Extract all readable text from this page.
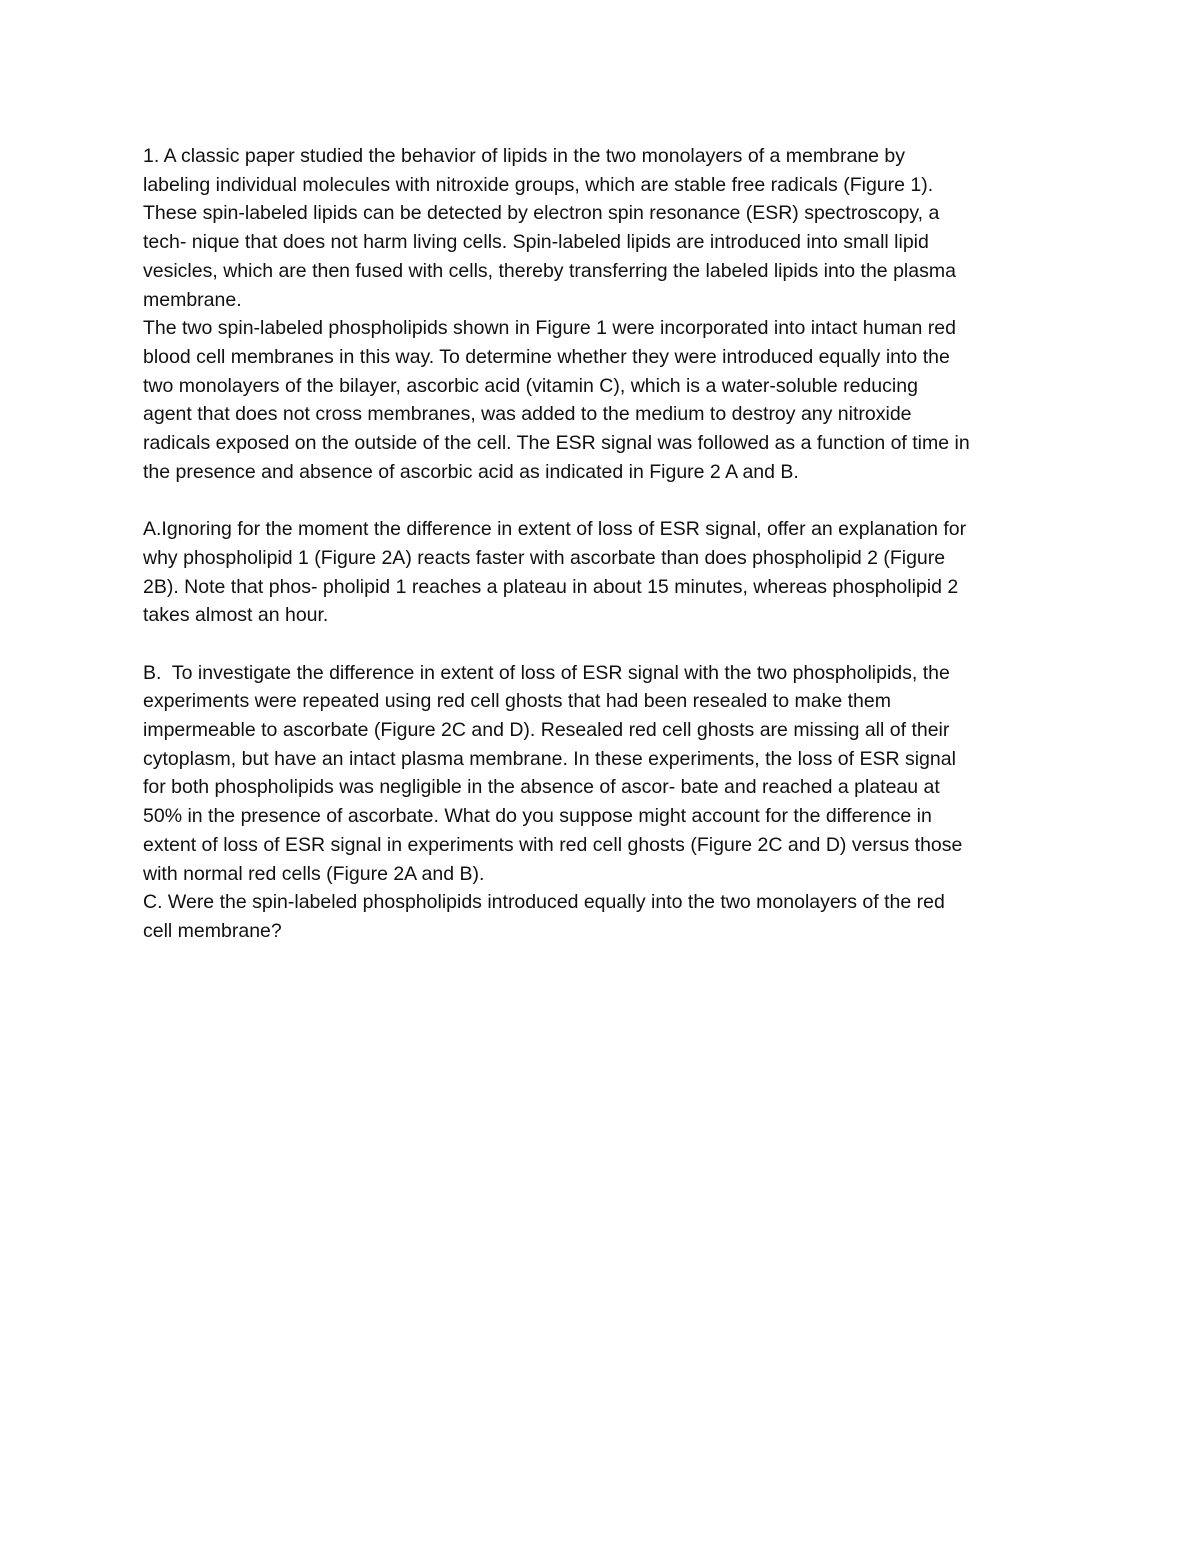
1. A classic paper studied the behavior of lipids in the two monolayers of a membrane by
labeling individual molecules with nitroxide groups, which are stable free radicals (Figure 1).
These spin-labeled lipids can be detected by electron spin resonance (ESR) spectroscopy, a
tech- nique that does not harm living cells. Spin-labeled lipids are introduced into small lipid
vesicles, which are then fused with cells, thereby transferring the labeled lipids into the plasma
membrane.
The two spin-labeled phospholipids shown in Figure 1 were incorporated into intact human red
blood cell membranes in this way. To determine whether they were introduced equally into the
two monolayers of the bilayer, ascorbic acid (vitamin C), which is a water-soluble reducing
agent that does not cross membranes, was added to the medium to destroy any nitroxide
radicals exposed on the outside of the cell. The ESR signal was followed as a function of time in
the presence and absence of ascorbic acid as indicated in Figure 2 A and B.
A.Ignoring for the moment the difference in extent of loss of ESR signal, offer an explanation for
why phospholipid 1 (Figure 2A) reacts faster with ascorbate than does phospholipid 2 (Figure
2B). Note that phos- pholipid 1 reaches a plateau in about 15 minutes, whereas phospholipid 2
takes almost an hour.
B.  To investigate the difference in extent of loss of ESR signal with the two phospholipids, the
experiments were repeated using red cell ghosts that had been resealed to make them
impermeable to ascorbate (Figure 2C and D). Resealed red cell ghosts are missing all of their
cytoplasm, but have an intact plasma membrane. In these experiments, the loss of ESR signal
for both phospholipids was negligible in the absence of ascor- bate and reached a plateau at
50% in the presence of ascorbate. What do you suppose might account for the difference in
extent of loss of ESR signal in experiments with red cell ghosts (Figure 2C and D) versus those
with normal red cells (Figure 2A and B).
C. Were the spin-labeled phospholipids introduced equally into the two monolayers of the red
cell membrane?
